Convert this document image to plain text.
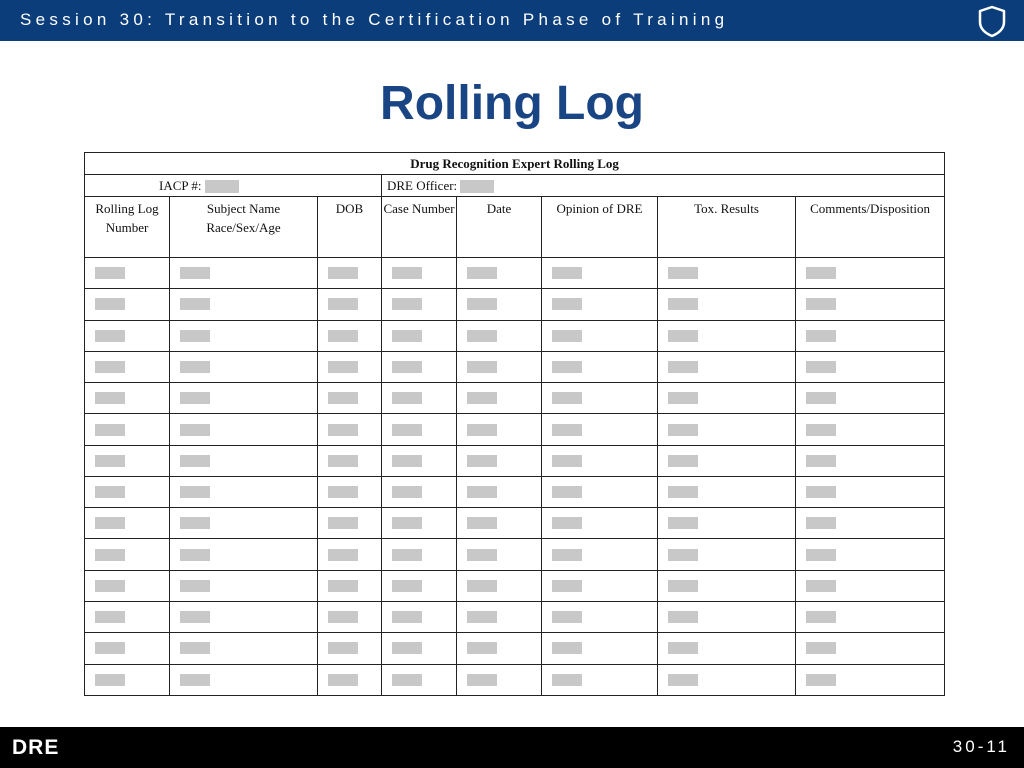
Session 30: Transition to the Certification Phase of Training
Rolling Log
Drug Recognition Expert Rolling Log							
IACP #:			DRE Officer:				
Rolling Log Number	Subject Name Race/Sex/Age	DOB	Case Number	Date	Opinion of DRE	Tox. Results	Comments/Disposition

DRE	30-11
